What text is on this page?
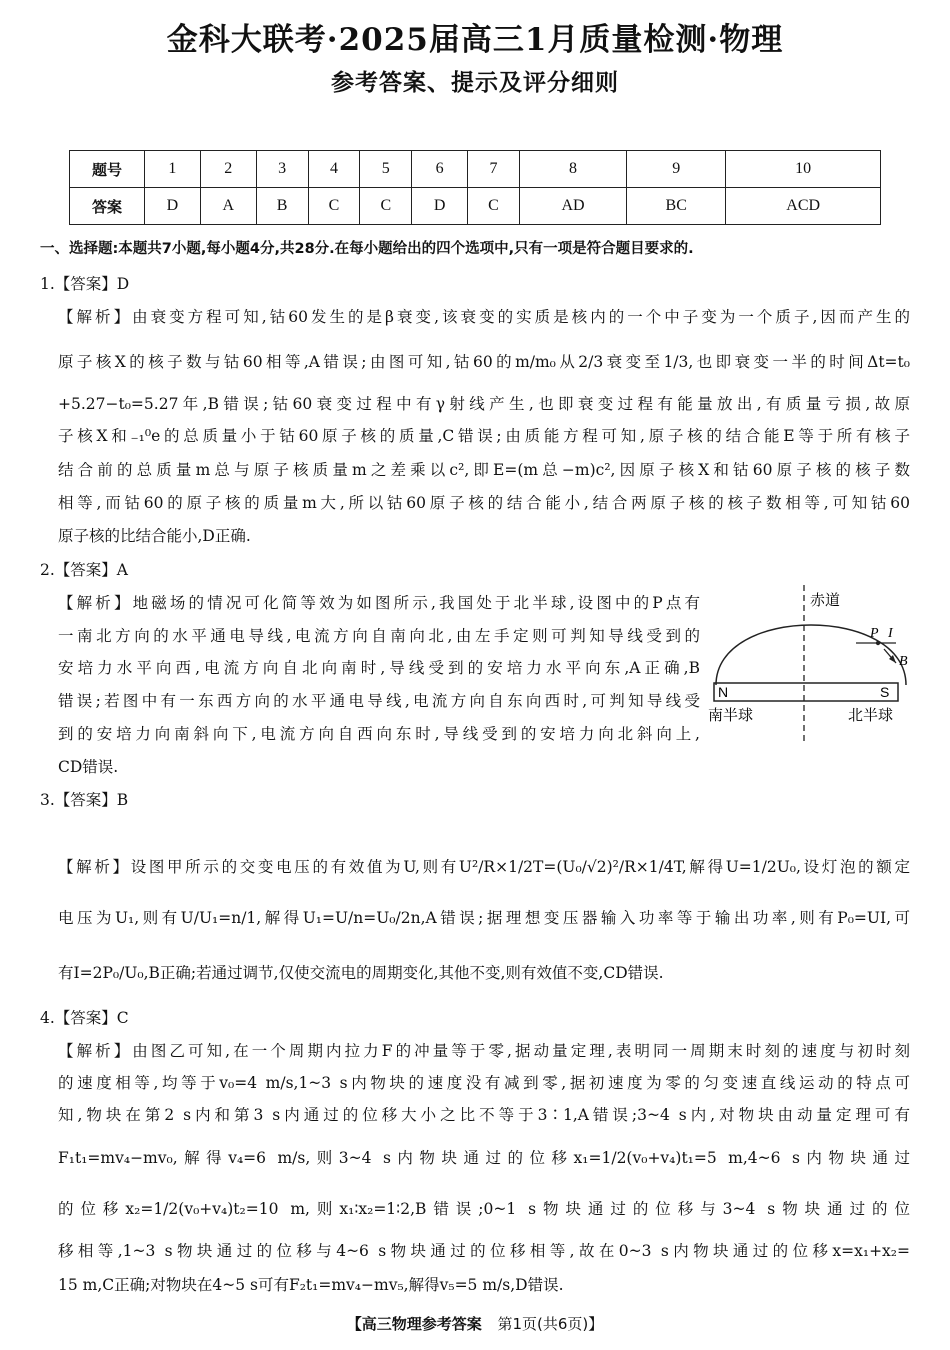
金科大联考·2025届高三1月质量检测·物理
参考答案、提示及评分细则
题号	1	2	3	4	5	6	7	8	9	10
答案	D	A	B	C	C	D	C	AD	BC	ACD
一、选择题:本题共7小题,每小题4分,共28分.在每小题给出的四个选项中,只有一项是符合题目要求的.
1.【答案】D
【解析】由衰变方程可知,钴60发生的是β衰变,该衰变的实质是核内的一个中子变为一个质子,因而产生的
原子核X的核子数与钴60相等,A错误;由图可知,钴60的m/m₀从2/3衰变至1/3,也即衰变一半的时间Δt=t₀
+5.27−t₀=5.27年,B错误;钴60衰变过程中有γ射线产生,也即衰变过程有能量放出,有质量亏损,故原
子核X和₋₁⁰e的总质量小于钴60原子核的质量,C错误;由质能方程可知,原子核的结合能E等于所有核子
结合前的总质量m总与原子核质量m之差乘以c²,即E=(m总−m)c²,因原子核X和钴60原子核的核子数
相等,而钴60的原子核的质量m大,所以钴60原子核的结合能小,结合两原子核的核子数相等,可知钴60
原子核的比结合能小,D正确.
2.【答案】A
【解析】地磁场的情况可化简等效为如图所示,我国处于北半球,设图中的P点有
一南北方向的水平通电导线,电流方向自南向北,由左手定则可判知导线受到的
安培力水平向西,电流方向自北向南时,导线受到的安培力水平向东,A正确,B
错误;若图中有一东西方向的水平通电导线,电流方向自东向西时,可判知导线受
到的安培力向南斜向下,电流方向自西向东时,导线受到的安培力向北斜向上,
CD错误.
赤道
N	S
P I
B
南半球	北半球
3.【答案】B
【解析】设图甲所示的交变电压的有效值为U,则有U²/R×1/2T=(U₀/√2)²/R×1/4T,解得U=1/2U₀,设灯泡的额定
电压为U₁,则有U/U₁=n/1,解得U₁=U/n=U₀/2n,A错误;据理想变压器输入功率等于输出功率,则有P₀=UI,可
有I=2P₀/U₀,B正确;若通过调节,仅使交流电的周期变化,其他不变,则有效值不变,CD错误.
4.【答案】C
【解析】由图乙可知,在一个周期内拉力F的冲量等于零,据动量定理,表明同一周期末时刻的速度与初时刻
的速度相等,均等于v₀=4 m/s,1~3 s内物块的速度没有减到零,据初速度为零的匀变速直线运动的特点可
知,物块在第2 s内和第3 s内通过的位移大小之比不等于3∶1,A错误;3~4 s内,对物块由动量定理可有
F₁t₁=mv₄−mv₀,解得v₄=6 m/s,则3~4 s内物块通过的位移x₁=1/2(v₀+v₄)t₁=5 m,4~6 s内物块通过
的位移x₂=1/2(v₀+v₄)t₂=10 m,则x₁∶x₂=1∶2,B错误;0~1 s物块通过的位移与3~4 s物块通过的位
移相等,1~3 s物块通过的位移与4~6 s物块通过的位移相等,故在0~3 s内物块通过的位移x=x₁+x₂=
15 m,C正确;对物块在4~5 s可有F₂t₁=mv₄−mv₅,解得v₅=5 m/s,D错误.
【高三物理参考答案 第1页(共6页)】
